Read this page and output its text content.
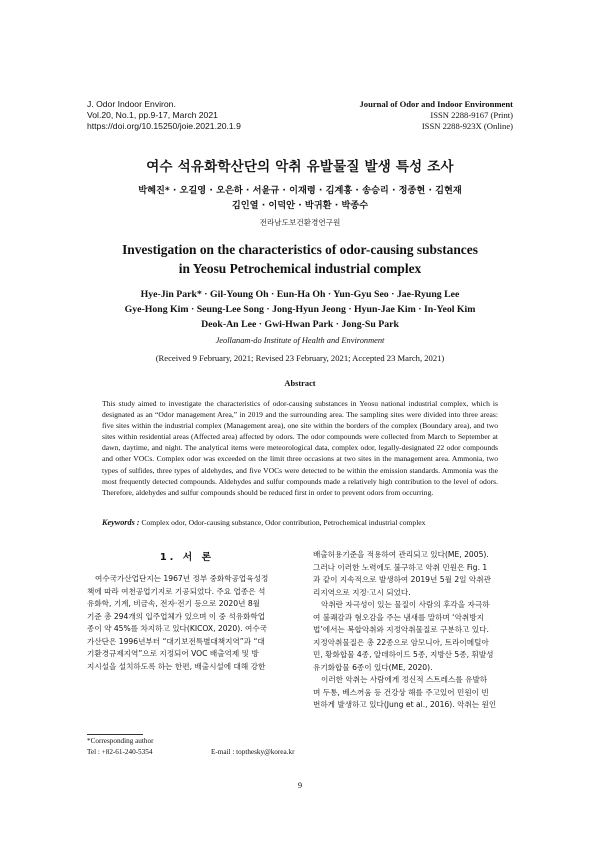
J. Odor Indoor Environ.
Vol.20, No.1, pp.9-17, March 2021
https://doi.org/10.15250/joie.2021.20.1.9
Journal of Odor and Indoor Environment
ISSN 2288-9167 (Print)
ISSN 2288-923X (Online)
여수 석유화학산단의 악취 유발물질 발생 특성 조사
박혜진* · 오길영 · 오은하 · 서윤규 · 이재령 · 김계홍 · 송승리 · 정종현 · 김현재
김인열 · 이덕안 · 박귀환 · 박종수
전라남도보건환경연구원
Investigation on the characteristics of odor-causing substances
in Yeosu Petrochemical industrial complex
Hye-Jin Park* · Gil-Young Oh · Eun-Ha Oh · Yun-Gyu Seo · Jae-Ryung Lee
Gye-Hong Kim · Seung-Lee Song · Jong-Hyun Jeong · Hyun-Jae Kim · In-Yeol Kim
Deok-An Lee · Gwi-Hwan Park · Jong-Su Park
Jeollanam-do Institute of Health and Environment
(Received 9 February, 2021; Revised 23 February, 2021; Accepted 23 March, 2021)
Abstract
This study aimed to investigate the characteristics of odor-causing substances in Yeosu national industrial complex, which is designated as an “Odor management Area,” in 2019 and the surrounding area. The sampling sites were divided into three areas: five sites within the industrial complex (Management area), one site within the borders of the complex (Boundary area), and two sites within residential areas (Affected area) affected by odors. The odor compounds were collected from March to September at dawn, daytime, and night. The analytical items were meteorological data, complex odor, legally-designated 22 odor compounds and other VOCs. Complex odor was exceeded on the limit three occasions at two sites in the management area. Ammonia, two types of sulfides, three types of aldehydes, and five VOCs were detected to be within the emission standards. Ammonia was the most frequently detected compounds. Aldehydes and sulfur compounds made a relatively high contribution to the level of odors. Therefore, aldehydes and sulfur compounds should be reduced first in order to prevent odors from occurring.
Keywords : Complex odor, Odor-causing substance, Odor contribution, Petrochemical industrial complex
1. 서 론
여수국가산업단지는 1967년 정부 중화학공업육성정
책에 따라 여천공업기지로 기공되었다. 주요 업종은 석
유화학, 기계, 비금속, 전자·전기 등으로 2020년 8월
기준 총 294개의 입주업체가 있으며 이 중 석유화학업
종이 약 45%를 차지하고 있다(KICOX, 2020). 여수국
가산단은 1996년부터 “대기보전특별대책지역”과 “대
기환경규제지역”으로 지정되어 VOC 배출억제 및 방
지시설을 설치하도록 하는 한편, 배출시설에 대해 강한
배출허용기준을 적용하여 관리되고 있다(ME, 2005).
그러나 이러한 노력에도 불구하고 악취 민원은 Fig. 1
과 같이 지속적으로 발생하여 2019년 5월 2일 악취관
리지역으로 지정·고시 되었다.
악취란 자극성이 있는 물질이 사람의 후각을 자극하
여 불쾌감과 혐오감을 주는 냄새를 말하며 ‘악취방지
법’에서는 복합악취와 지정악취물질로 구분하고 있다.
지정악취물질은 총 22종으로 암모니아, 트라이메틸아
민, 황화합물 4종, 알데하이드 5종, 지방산 5종, 휘발성
유기화합물 6종이 있다(ME, 2020).
이러한 악취는 사람에게 정신적 스트레스를 유발하
며 두통, 베스꺼움 등 건강상 해를 주고있어 민원이 빈
번하게 발생하고 있다(Jung et al., 2016). 악취는 원인
*Corresponding author
Tel : +82-61-240-5354	E-mail : topthesky@korea.kr
9
